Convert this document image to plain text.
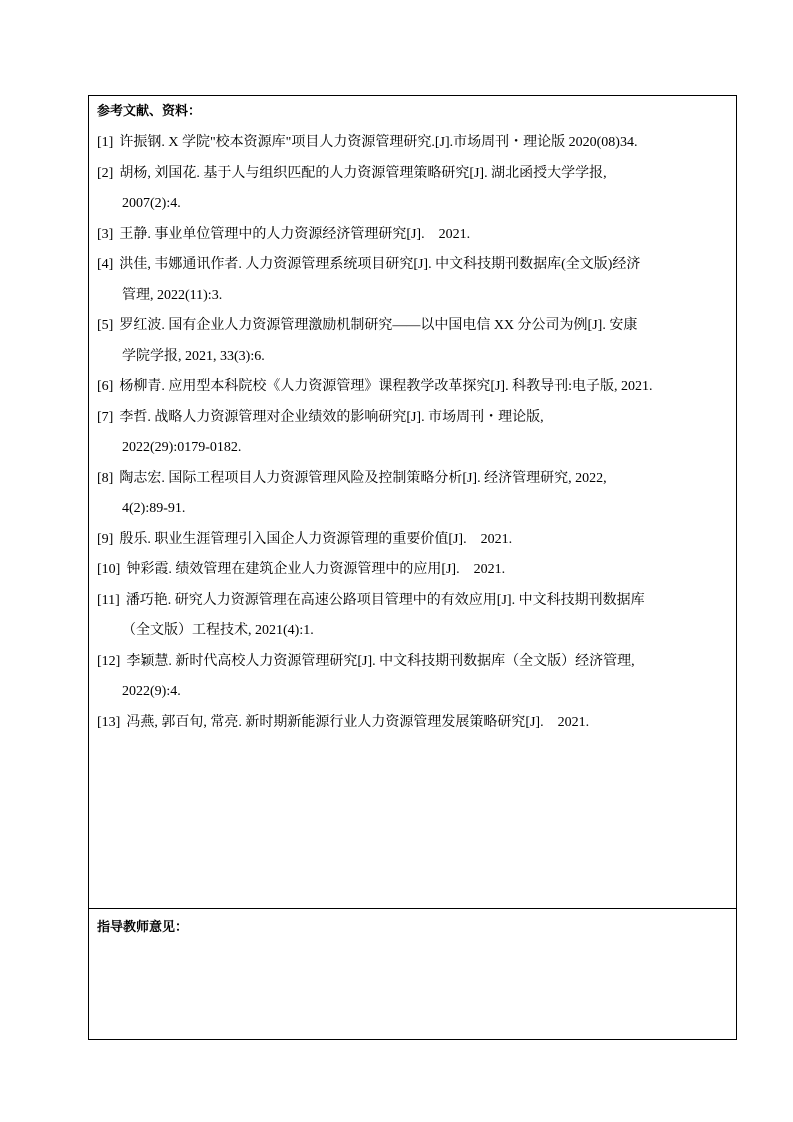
参考文献、资料：
[1] 许振钢. X 学院"校本资源库"项目人力资源管理研究.[J].市场周刊・理论版 2020(08)34.
[2] 胡杨, 刘国花. 基于人与组织匹配的人力资源管理策略研究[J]. 湖北函授大学学报,
2007(2):4.
[3] 王静. 事业单位管理中的人力资源经济管理研究[J].　2021.
[4] 洪佳, 韦娜通讯作者. 人力资源管理系统项目研究[J]. 中文科技期刊数据库(全文版)经济
管理, 2022(11):3.
[5] 罗红波. 国有企业人力资源管理激励机制研究——以中国电信 XX 分公司为例[J]. 安康
学院学报, 2021, 33(3):6.
[6] 杨柳青. 应用型本科院校《人力资源管理》课程教学改革探究[J]. 科教导刊:电子版, 2021.
[7] 李哲. 战略人力资源管理对企业绩效的影响研究[J]. 市场周刊・理论版,
2022(29):0179-0182.
[8] 陶志宏. 国际工程项目人力资源管理风险及控制策略分析[J]. 经济管理研究, 2022,
4(2):89-91.
[9] 殷乐. 职业生涯管理引入国企人力资源管理的重要价值[J].　2021.
[10] 钟彩霞. 绩效管理在建筑企业人力资源管理中的应用[J].　2021.
[11] 潘巧艳. 研究人力资源管理在高速公路项目管理中的有效应用[J]. 中文科技期刊数据库
（全文版）工程技术, 2021(4):1.
[12] 李颖慧. 新时代高校人力资源管理研究[J]. 中文科技期刊数据库（全文版）经济管理,
2022(9):4.
[13] 冯燕, 郭百旬, 常亮. 新时期新能源行业人力资源管理发展策略研究[J].　2021.
指导教师意见：
